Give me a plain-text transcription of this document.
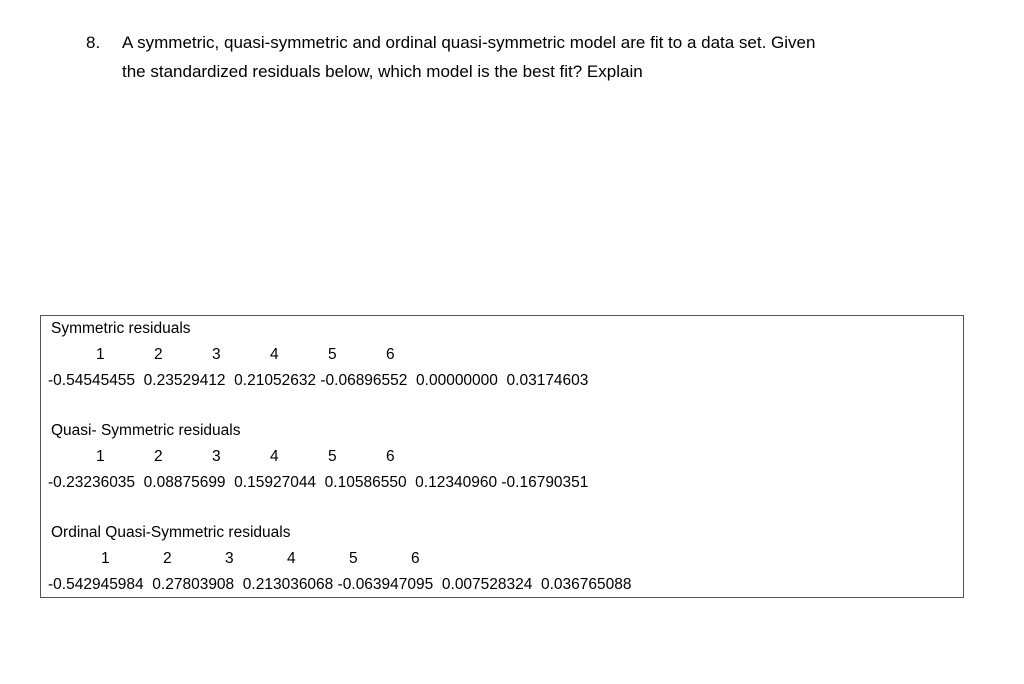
8. A symmetric, quasi-symmetric and ordinal quasi-symmetric model are fit to a data set. Given
the standardized residuals below, which model is the best fit? Explain
Symmetric residuals
1	2	3	4	5	6
-0.54545455  0.23529412  0.21052632 -0.06896552  0.00000000  0.03174603
Quasi- Symmetric residuals
1	2	3	4	5	6
-0.23236035  0.08875699  0.15927044  0.10586550  0.12340960 -0.16790351
Ordinal Quasi-Symmetric residuals
1	2	3	4	5	6
-0.542945984  0.27803908  0.213036068 -0.063947095  0.007528324  0.036765088
